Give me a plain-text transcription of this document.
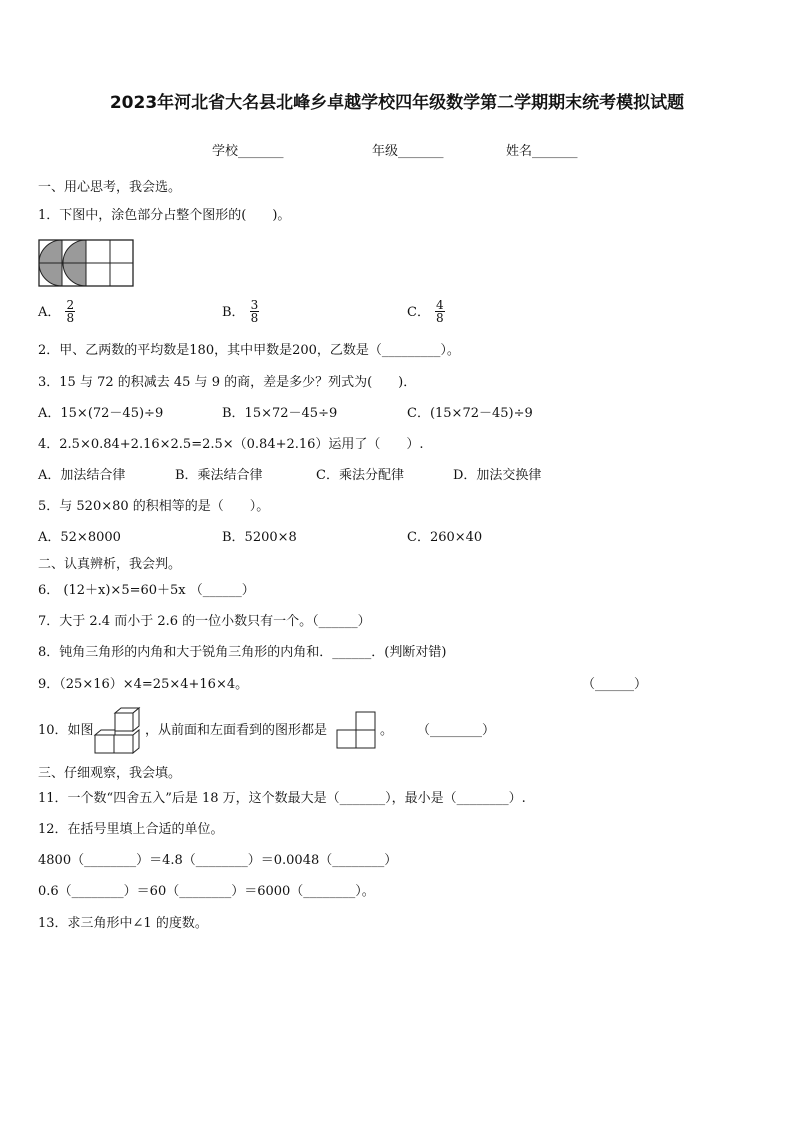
2023年河北省大名县北峰乡卓越学校四年级数学第二学期期末统考模拟试题
学校_______	年级_______	姓名_______
一、用心思考，我会选。
1．下图中，涂色部分占整个图形的(　　)。
A． $\frac{2}{8}$	B． $\frac{3}{8}$	C． $\frac{4}{8}$
2．甲、乙两数的平均数是180，其中甲数是200，乙数是（_________）。
3．15 与 72 的积减去 45 与 9 的商，差是多少？列式为(　　)．
A．15×(72－45)÷9	B．15×72－45÷9	C．(15×72－45)÷9
4．2.5×0.84+2.16×2.5=2.5×（0.84+2.16）运用了（　　）.
A．加法结合律	B．乘法结合律	C．乘法分配律	D．加法交换律
5．与 520×80 的积相等的是（　　）。
A．52×8000	B．5200×8	C．260×40
二、认真辨析，我会判。
6． (12＋x)×5=60＋5x （______）
7．大于 2.4 而小于 2.6 的一位小数只有一个。（______）
8．钝角三角形的内角和大于锐角三角形的内角和．______．(判断对错)
9．（25×16）×4=25×4+16×4。	（______）
10．如图	，从前面和左面看到的图形都是	。 （________）
三、仔细观察，我会填。
11．一个数“四舍五入”后是 18 万，这个数最大是（_______），最小是（________）.
12．在括号里填上合适的单位。
4800（________）＝4.8（________）＝0.0048（________）
0.6（________）＝60（________）＝6000（________）。
13．求三角形中∠1 的度数。
